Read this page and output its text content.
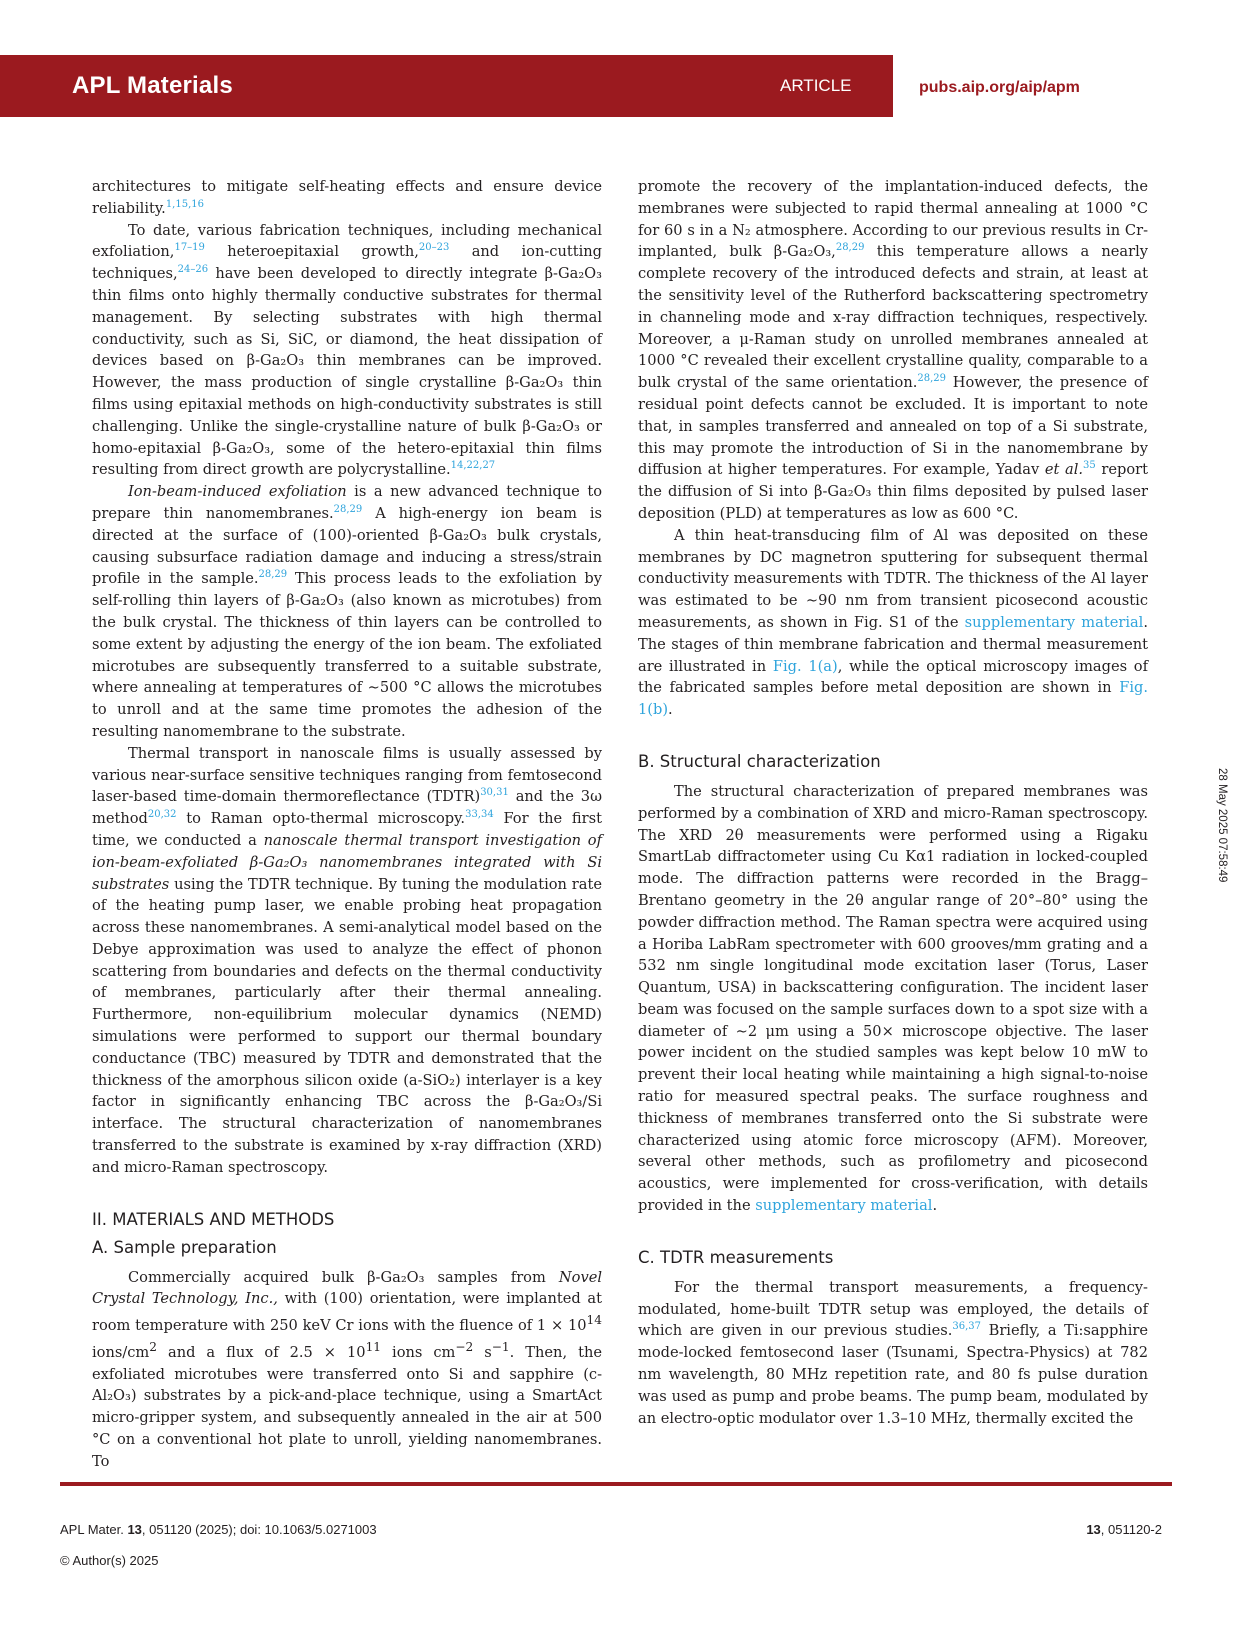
APL Materials	ARTICLE	pubs.aip.org/aip/apm

architectures to mitigate self-heating effects and ensure device reliability.$^{1,15,16}$

To date, various fabrication techniques, including mechanical exfoliation,$^{17-19}$ heteroepitaxial growth,$^{20-23}$ and ion-cutting techniques,$^{24-26}$ have been developed to directly integrate β-Ga₂O₃ thin films onto highly thermally conductive substrates for thermal management. By selecting substrates with high thermal conductivity, such as Si, SiC, or diamond, the heat dissipation of devices based on β-Ga₂O₃ thin membranes can be improved. However, the mass production of single crystalline β-Ga₂O₃ thin films using epitaxial methods on high-conductivity substrates is still challenging. Unlike the single-crystalline nature of bulk β-Ga₂O₃ or homo-epitaxial β-Ga₂O₃, some of the hetero-epitaxial thin films resulting from direct growth are polycrystalline.$^{14,22,27}$

Ion-beam-induced exfoliation is a new advanced technique to prepare thin nanomembranes.$^{28,29}$ A high-energy ion beam is directed at the surface of (100)-oriented β-Ga₂O₃ bulk crystals, causing subsurface radiation damage and inducing a stress/strain profile in the sample.$^{28,29}$ This process leads to the exfoliation by self-rolling thin layers of β-Ga₂O₃ (also known as microtubes) from the bulk crystal. The thickness of thin layers can be controlled to some extent by adjusting the energy of the ion beam. The exfoliated microtubes are subsequently transferred to a suitable substrate, where annealing at temperatures of ∼500 °C allows the microtubes to unroll and at the same time promotes the adhesion of the resulting nanomembrane to the substrate.

Thermal transport in nanoscale films is usually assessed by various near-surface sensitive techniques ranging from femtosecond laser-based time-domain thermoreflectance (TDTR)$^{30,31}$ and the 3ω method$^{20,32}$ to Raman opto-thermal microscopy.$^{33,34}$ For the first time, we conducted a nanoscale thermal transport investigation of ion-beam-exfoliated β-Ga₂O₃ nanomembranes integrated with Si substrates using the TDTR technique. By tuning the modulation rate of the heating pump laser, we enable probing heat propagation across these nanomembranes. A semi-analytical model based on the Debye approximation was used to analyze the effect of phonon scattering from boundaries and defects on the thermal conductivity of membranes, particularly after their thermal annealing. Furthermore, non-equilibrium molecular dynamics (NEMD) simulations were performed to support our thermal boundary conductance (TBC) measured by TDTR and demonstrated that the thickness of the amorphous silicon oxide (a-SiO₂) interlayer is a key factor in significantly enhancing TBC across the β-Ga₂O₃/Si interface. The structural characterization of nanomembranes transferred to the substrate is examined by x-ray diffraction (XRD) and micro-Raman spectroscopy.

II. MATERIALS AND METHODS
A. Sample preparation

Commercially acquired bulk β-Ga₂O₃ samples from Novel Crystal Technology, Inc., with (100) orientation, were implanted at room temperature with 250 keV Cr ions with the fluence of $1 \times 10^{14}$ ions/$cm^2$ and a flux of $2.5 \times 10^{11}$ ions $cm^{-2}$ $s^{-1}$. Then, the exfoliated microtubes were transferred onto Si and sapphire (c-Al₂O₃) substrates by a pick-and-place technique, using a SmartAct micro-gripper system, and subsequently annealed in the air at 500 °C on a conventional hot plate to unroll, yielding nanomembranes. To

promote the recovery of the implantation-induced defects, the membranes were subjected to rapid thermal annealing at 1000 °C for 60 s in a N₂ atmosphere. According to our previous results in Cr-implanted, bulk β-Ga₂O₃,$^{28,29}$ this temperature allows a nearly complete recovery of the introduced defects and strain, at least at the sensitivity level of the Rutherford backscattering spectrometry in channeling mode and x-ray diffraction techniques, respectively. Moreover, a μ-Raman study on unrolled membranes annealed at 1000 °C revealed their excellent crystalline quality, comparable to a bulk crystal of the same orientation.$^{28,29}$ However, the presence of residual point defects cannot be excluded. It is important to note that, in samples transferred and annealed on top of a Si substrate, this may promote the introduction of Si in the nanomembrane by diffusion at higher temperatures. For example, Yadav et al.$^{35}$ report the diffusion of Si into β-Ga₂O₃ thin films deposited by pulsed laser deposition (PLD) at temperatures as low as 600 °C.

A thin heat-transducing film of Al was deposited on these membranes by DC magnetron sputtering for subsequent thermal conductivity measurements with TDTR. The thickness of the Al layer was estimated to be ∼90 nm from transient picosecond acoustic measurements, as shown in Fig. S1 of the supplementary material. The stages of thin membrane fabrication and thermal measurement are illustrated in Fig. 1(a), while the optical microscopy images of the fabricated samples before metal deposition are shown in Fig. 1(b).

B. Structural characterization

The structural characterization of prepared membranes was performed by a combination of XRD and micro-Raman spectroscopy. The XRD 2θ measurements were performed using a Rigaku SmartLab diffractometer using Cu Kα1 radiation in locked-coupled mode. The diffraction patterns were recorded in the Bragg–Brentano geometry in the 2θ angular range of 20°–80° using the powder diffraction method. The Raman spectra were acquired using a Horiba LabRam spectrometer with 600 grooves/mm grating and a 532 nm single longitudinal mode excitation laser (Torus, Laser Quantum, USA) in backscattering configuration. The incident laser beam was focused on the sample surfaces down to a spot size with a diameter of ∼2 μm using a 50× microscope objective. The laser power incident on the studied samples was kept below 10 mW to prevent their local heating while maintaining a high signal-to-noise ratio for measured spectral peaks. The surface roughness and thickness of membranes transferred onto the Si substrate were characterized using atomic force microscopy (AFM). Moreover, several other methods, such as profilometry and picosecond acoustics, were implemented for cross-verification, with details provided in the supplementary material.

C. TDTR measurements

For the thermal transport measurements, a frequency-modulated, home-built TDTR setup was employed, the details of which are given in our previous studies.$^{36,37}$ Briefly, a Ti:sapphire mode-locked femtosecond laser (Tsunami, Spectra-Physics) at 782 nm wavelength, 80 MHz repetition rate, and 80 fs pulse duration was used as pump and probe beams. The pump beam, modulated by an electro-optic modulator over 1.3–10 MHz, thermally excited the

28 May 2025 07:58:49
APL Mater. 13, 051120 (2025); doi: 10.1063/5.0271003
© Author(s) 2025
13, 051120-2
